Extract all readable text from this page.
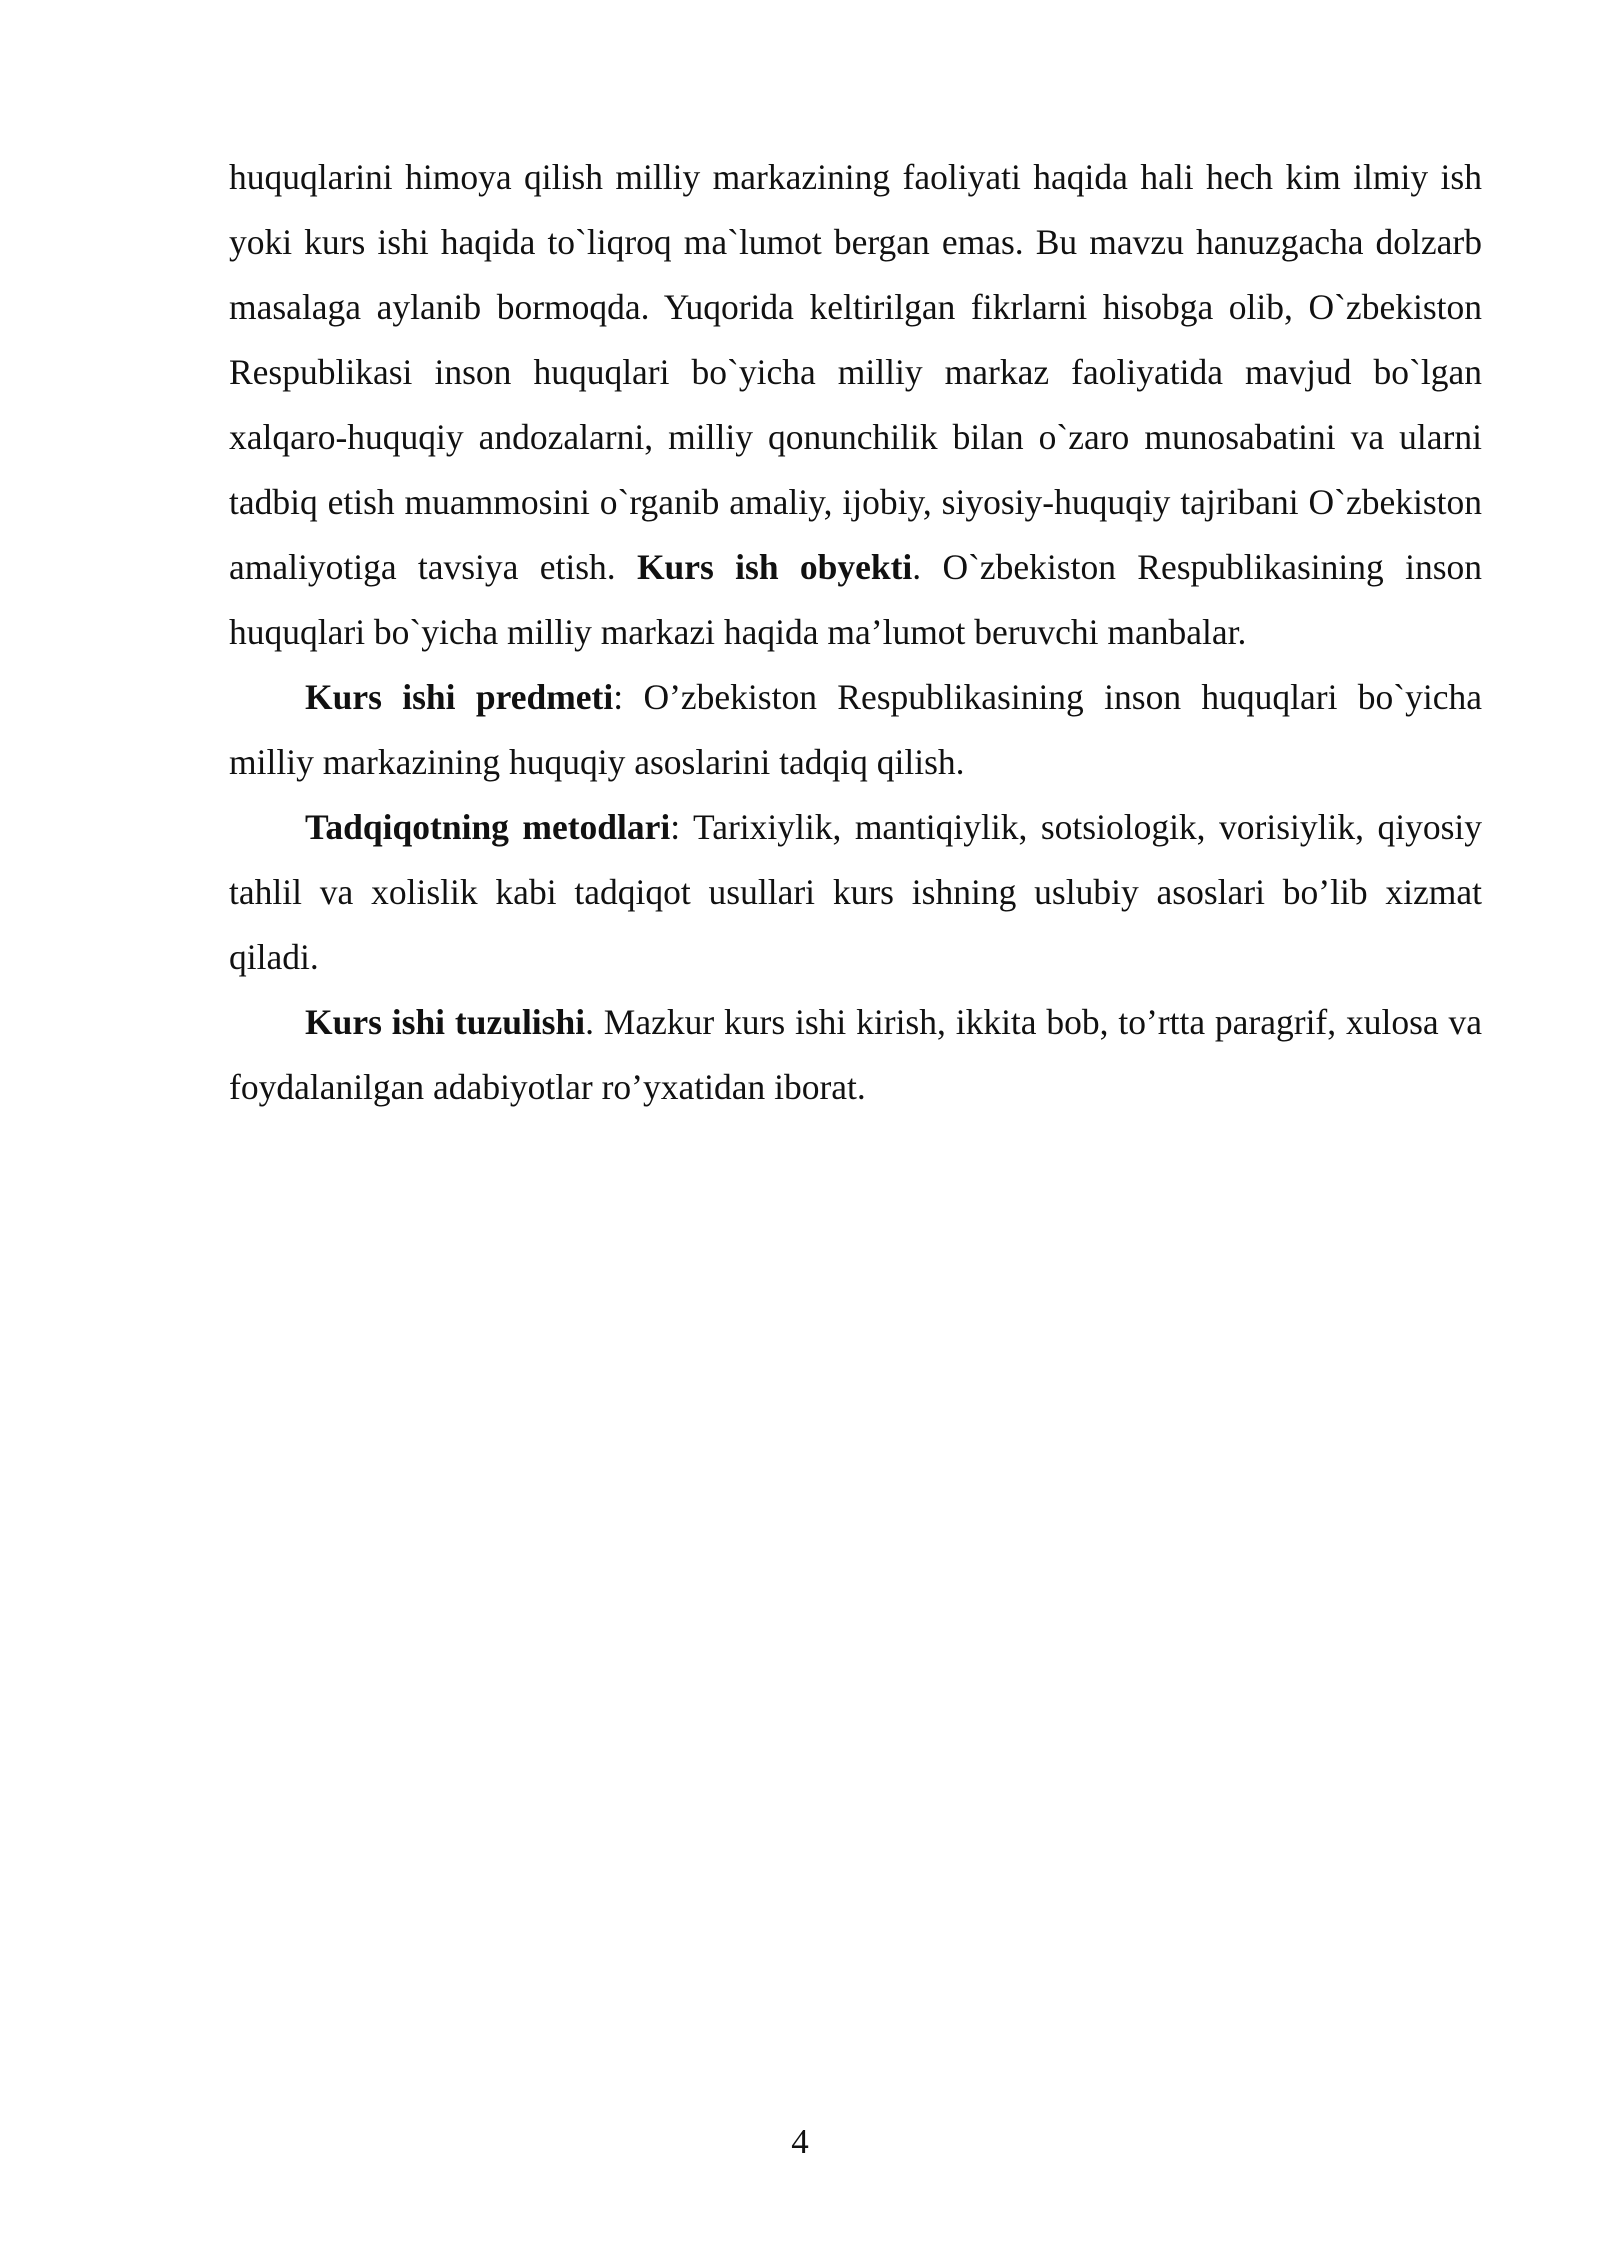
huquqlarini himoya qilish milliy markazining faoliyati haqida hali hech kim ilmiy ish yoki kurs ishi haqida to`liqroq ma`lumot bergan emas. Bu mavzu hanuzgacha dolzarb masalaga aylanib bormoqda. Yuqorida keltirilgan fikrlarni hisobga olib, O`zbekiston Respublikasi inson huquqlari bo`yicha milliy markaz faoliyatida mavjud bo`lgan xalqaro-huquqiy andozalarni, milliy qonunchilik bilan o`zaro munosabatini va ularni tadbiq etish muammosini o`rganib amaliy, ijobiy, siyosiy-huquqiy tajribani O`zbekiston amaliyotiga tavsiya etish. Kurs ish obyekti. O`zbekiston Respublikasining inson huquqlari bo`yicha milliy markazi haqida ma’lumot beruvchi manbalar.

Kurs ishi predmeti: O’zbekiston Respublikasining inson huquqlari bo`yicha milliy markazining huquqiy asoslarini tadqiq qilish.

Tadqiqotning metodlari: Tarixiylik, mantiqiylik, sotsiologik, vorisiylik, qiyosiy tahlil va xolislik kabi tadqiqot usullari kurs ishning uslubiy asoslari bo’lib xizmat qiladi.

Kurs ishi tuzulishi. Mazkur kurs ishi kirish, ikkita bob, to’rtta paragrif, xulosa va foydalanilgan adabiyotlar ro’yxatidan iborat.

4
